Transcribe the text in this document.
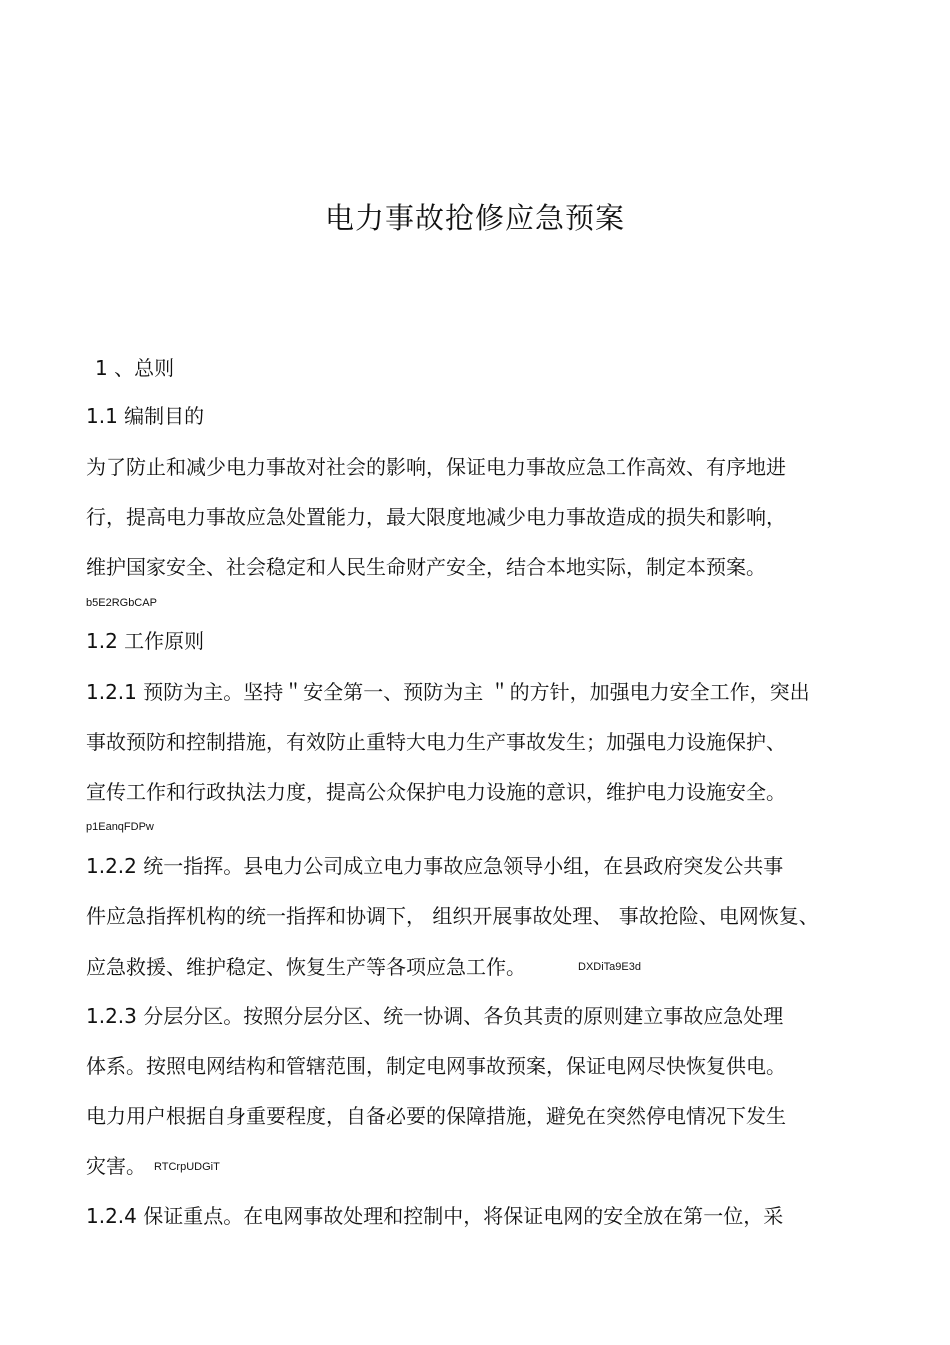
电力事故抢修应急预案
1 、总则
1.1 编制目的
为了防止和减少电力事故对社会的影响，保证电力事故应急工作高效、有序地进
行，提高电力事故应急处置能力，最大限度地减少电力事故造成的损失和影响，
维护国家安全、社会稳定和人民生命财产安全，结合本地实际，制定本预案。
b5E2RGbCAP
1.2 工作原则
1.2.1 预防为主。坚持＂安全第一、预防为主 ＂的方针，加强电力安全工作，突出
事故预防和控制措施，有效防止重特大电力生产事故发生；加强电力设施保护、
宣传工作和行政执法力度，提高公众保护电力设施的意识，维护电力设施安全。
p1EanqFDPw
1.2.2 统一指挥。县电力公司成立电力事故应急领导小组，在县政府突发公共事
件应急指挥机构的统一指挥和协调下， 组织开展事故处理、 事故抢险、电网恢复、
应急救援、维护稳定、恢复生产等各项应急工作。	DXDiTa9E3d
1.2.3 分层分区。按照分层分区、统一协调、各负其责的原则建立事故应急处理
体系。按照电网结构和管辖范围，制定电网事故预案，保证电网尽快恢复供电。
电力用户根据自身重要程度，自备必要的保障措施，避免在突然停电情况下发生
灾害。 RTCrpUDGiT
1.2.4 保证重点。在电网事故处理和控制中，将保证电网的安全放在第一位，采
